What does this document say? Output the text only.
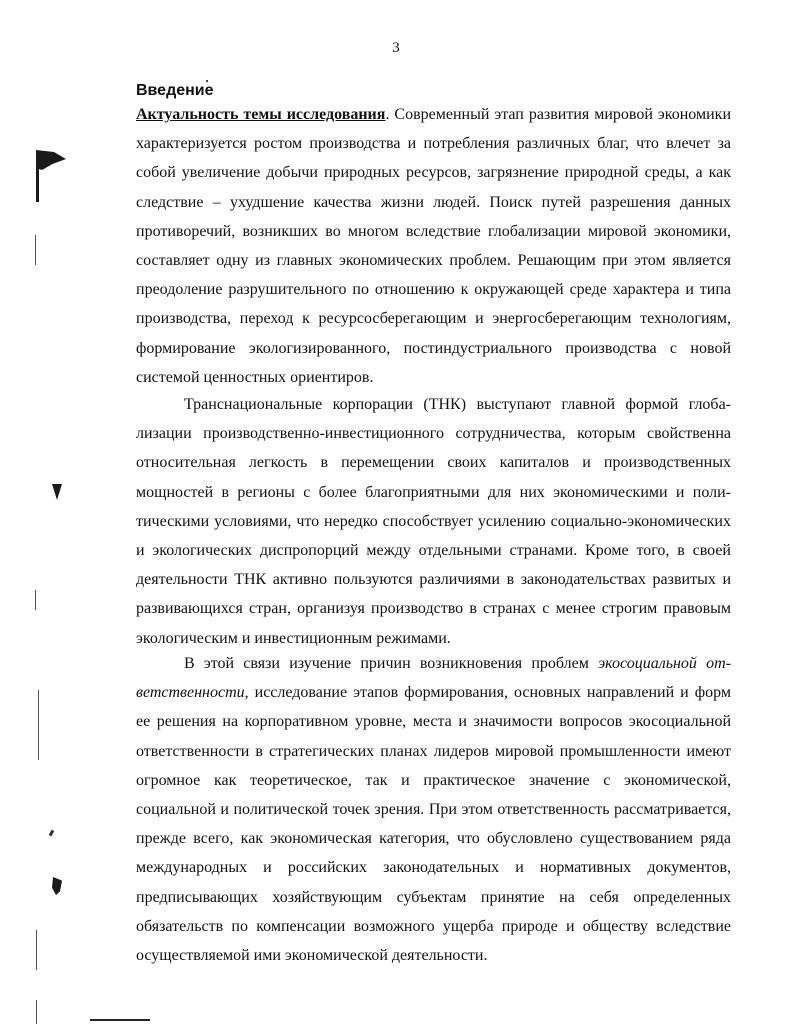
3
Введение

Актуальность темы исследования. Современный этап развития мировой экономики характеризуется ростом производства и потребления различных благ, что влечет за собой увеличение добычи природных ресурсов, загрязнение природной среды, а как следствие – ухудшение качества жизни людей. Поиск путей разрешения данных противоречий, возникших во многом вследствие глобализации мировой экономики, составляет одну из главных экономических проблем. Решающим при этом является преодоление разрушительного по отношению к окружающей среде характера и типа производства, переход к ресурсосберегающим и энергосберегающим технологиям, формирование экологизированного, постиндустриального производства с новой системой ценностных ориентиров.

Транснациональные корпорации (ТНК) выступают главной формой глобализации производственно-инвестиционного сотрудничества, которым свойственна относительная легкость в перемещении своих капиталов и производственных мощностей в регионы с более благоприятными для них экономическими и политическими условиями, что нередко способствует усилению социально-экономических и экологических диспропорций между отдельными странами. Кроме того, в своей деятельности ТНК активно пользуются различиями в законодательствах развитых и развивающихся стран, организуя производство в странах с менее строгим правовым экологическим и инвестиционным режимами.

В этой связи изучение причин возникновения проблем экосоциальной ответственности, исследование этапов формирования, основных направлений и форм ее решения на корпоративном уровне, места и значимости вопросов экосоциальной ответственности в стратегических планах лидеров мировой промышленности имеют огромное как теоретическое, так и практическое значение с экономической, социальной и политической точек зрения. При этом ответственность рассматривается, прежде всего, как экономическая категория, что обусловлено существованием ряда международных и российских законодательных и нормативных документов, предписывающих хозяйствующим субъектам принятие на себя определенных обязательств по компенсации возможного ущерба природе и обществу вследствие осуществляемой ими экономической деятельности.
